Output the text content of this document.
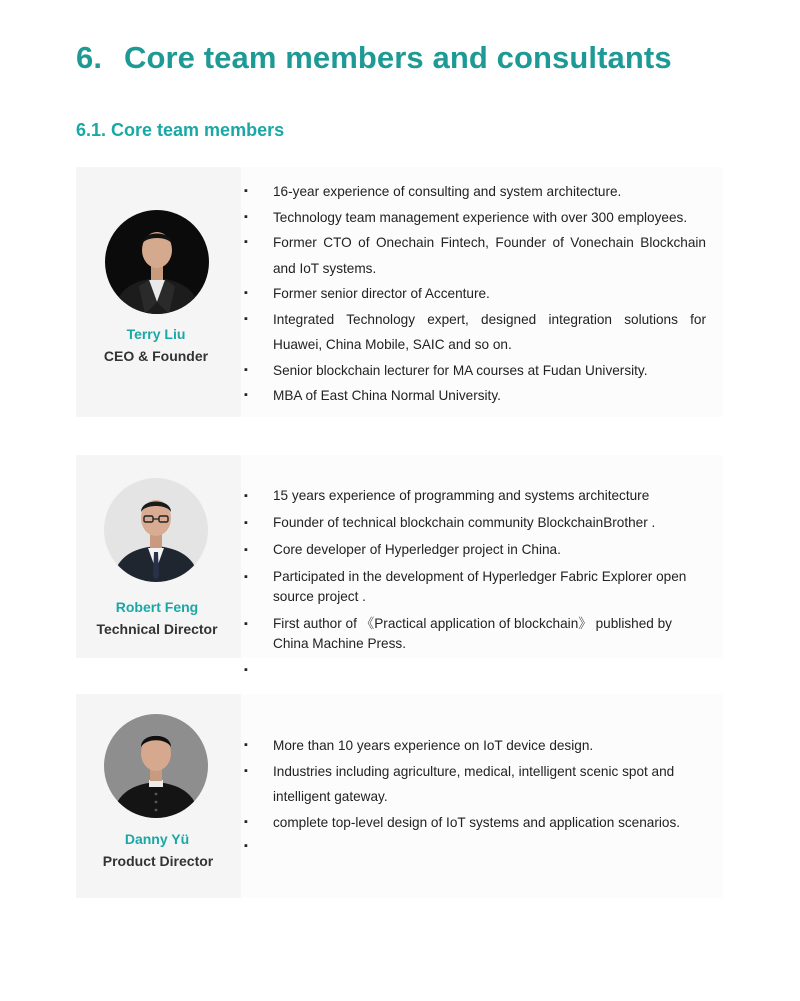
6. Core team members and consultants
6.1. Core team members
Terry Liu
CEO & Founder
▪ 16-year experience of consulting and system architecture.
▪ Technology team management experience with over 300 employees.
▪ Former CTO of Onechain Fintech, Founder of Vonechain Blockchain and IoT systems.
▪ Former senior director of Accenture.
▪ Integrated Technology expert, designed integration solutions for Huawei, China Mobile, SAIC and so on.
▪ Senior blockchain lecturer for MA courses at Fudan University.
▪ MBA of East China Normal University.
Robert Feng
Technical Director
▪ 15 years experience of programming and systems architecture
▪ Founder of technical blockchain community BlockchainBrother .
▪ Core developer of Hyperledger project in China.
▪ Participated in the development of Hyperledger Fabric Explorer open source project .
▪ First author of 《Practical application of blockchain》 published by China Machine Press.
▪
Danny Yü
Product Director
▪ More than 10 years experience on IoT device design.
▪ Industries including agriculture, medical, intelligent scenic spot and intelligent gateway.
▪ complete top-level design of IoT systems and application scenarios.
▪
